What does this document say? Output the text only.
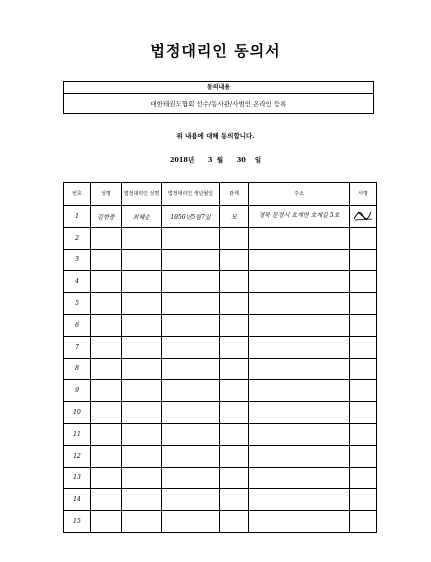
법정대리인 동의서
동의내용
대한테권도협회 선수/동사관/사범인 온라인 등록
위 내용에 대해 동의합니다.
2018년 3 월 30 일
번호	성명	법정대리인 성명	법정대리인 생년월일	관계	주소	서명
1	김현중	최혜순	1956년5월7일	모	경북 문경시 호계면 호계길 5호	
2						
3						
4						
5						
6						
7						
8						
9						
10						
11						
12						
13						
14						
15						
